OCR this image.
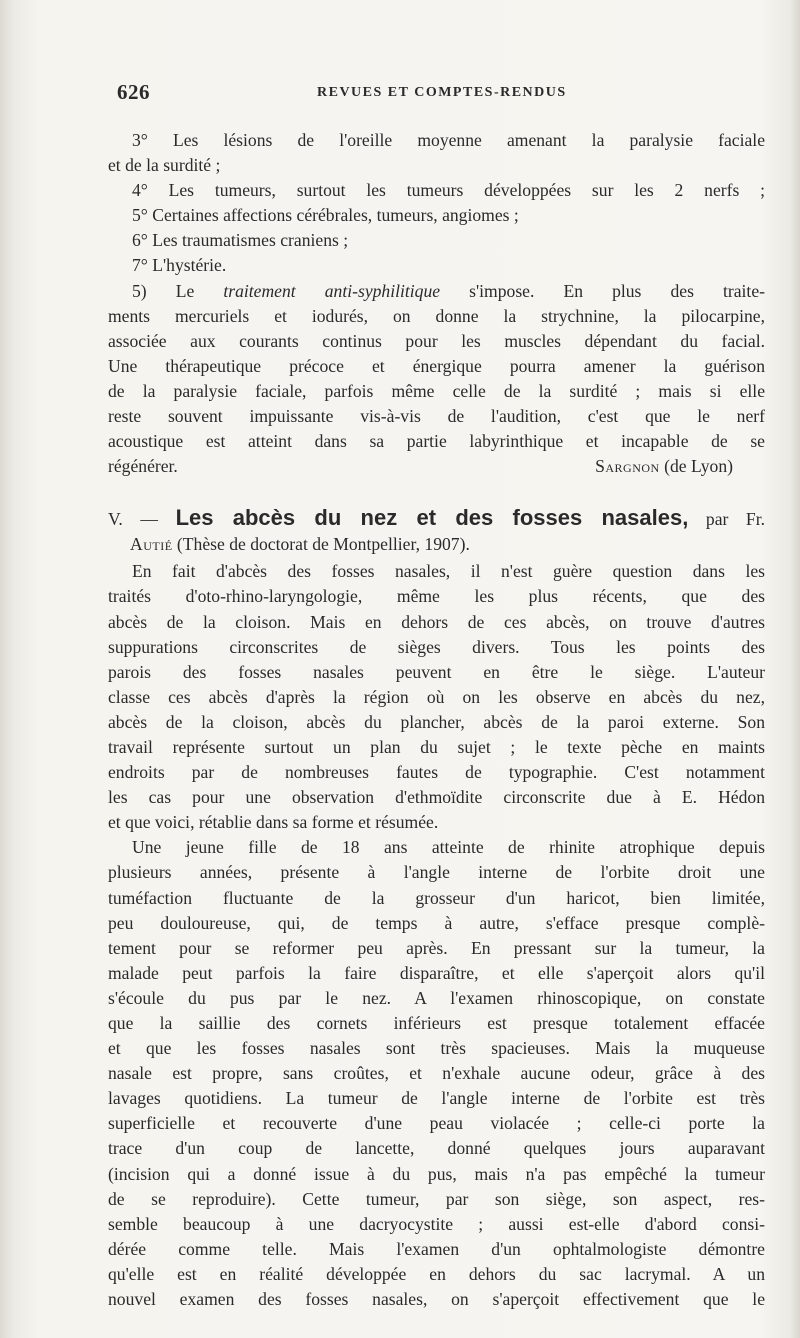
626	REVUES ET COMPTES-RENDUS
3° Les lésions de l'oreille moyenne amenant la paralysie faciale
et de la surdité ;
4° Les tumeurs, surtout les tumeurs développées sur les 2 nerfs ;
5° Certaines affections cérébrales, tumeurs, angiomes ;
6° Les traumatismes craniens ;
7° L'hystérie.
5) Le traitement anti-syphilitique s'impose. En plus des traite-
ments mercuriels et iodurés, on donne la strychnine, la pilocarpine,
associée aux courants continus pour les muscles dépendant du facial.
Une thérapeutique précoce et énergique pourra amener la guérison
de la paralysie faciale, parfois même celle de la surdité ; mais si elle
reste souvent impuissante vis-à-vis de l'audition, c'est que le nerf
acoustique est atteint dans sa partie labyrinthique et incapable de se
régénérer.	Sargnon (de Lyon)
V. — Les abcès du nez et des fosses nasales, par Fr.
Autié (Thèse de doctorat de Montpellier, 1907).
En fait d'abcès des fosses nasales, il n'est guère question dans les
traités d'oto-rhino-laryngologie, même les plus récents, que des
abcès de la cloison. Mais en dehors de ces abcès, on trouve d'autres
suppurations circonscrites de sièges divers. Tous les points des
parois des fosses nasales peuvent en être le siège. L'auteur
classe ces abcès d'après la région où on les observe en abcès du nez,
abcès de la cloison, abcès du plancher, abcès de la paroi externe. Son
travail représente surtout un plan du sujet ; le texte pèche en maints
endroits par de nombreuses fautes de typographie. C'est notamment
les cas pour une observation d'ethmoïdite circonscrite due à E. Hédon
et que voici, rétablie dans sa forme et résumée.
Une jeune fille de 18 ans atteinte de rhinite atrophique depuis
plusieurs années, présente à l'angle interne de l'orbite droit une
tuméfaction fluctuante de la grosseur d'un haricot, bien limitée,
peu douloureuse, qui, de temps à autre, s'efface presque complè-
tement pour se reformer peu après. En pressant sur la tumeur, la
malade peut parfois la faire disparaître, et elle s'aperçoit alors qu'il
s'écoule du pus par le nez. A l'examen rhinoscopique, on constate
que la saillie des cornets inférieurs est presque totalement effacée
et que les fosses nasales sont très spacieuses. Mais la muqueuse
nasale est propre, sans croûtes, et n'exhale aucune odeur, grâce à des
lavages quotidiens. La tumeur de l'angle interne de l'orbite est très
superficielle et recouverte d'une peau violacée ; celle-ci porte la
trace d'un coup de lancette, donné quelques jours auparavant
(incision qui a donné issue à du pus, mais n'a pas empêché la tumeur
de se reproduire). Cette tumeur, par son siège, son aspect, res-
semble beaucoup à une dacryocystite ; aussi est-elle d'abord consi-
dérée comme telle. Mais l'examen d'un ophtalmologiste démontre
qu'elle est en réalité développée en dehors du sac lacrymal. A un
nouvel examen des fosses nasales, on s'aperçoit effectivement que le
